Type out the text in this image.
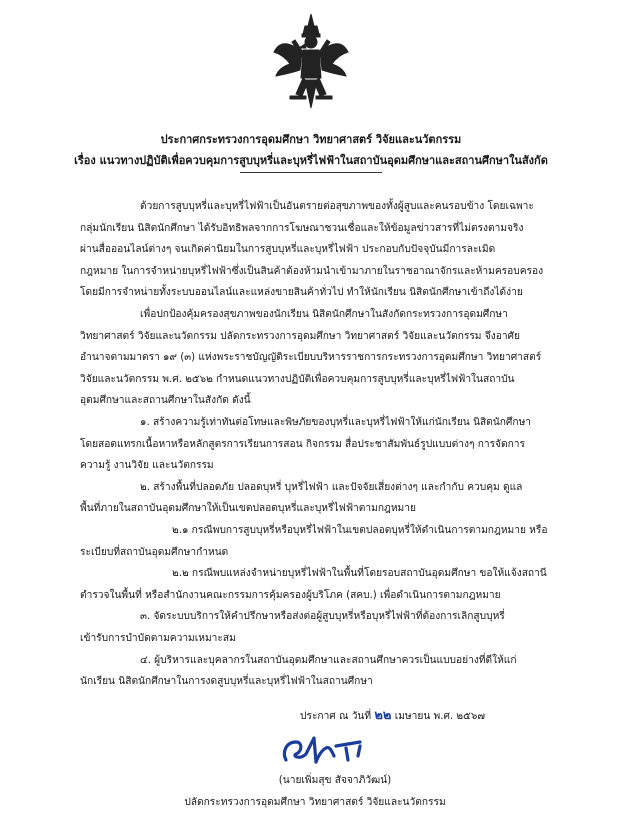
ประกาศกระทรวงการอุดมศึกษา วิทยาศาสตร์ วิจัยและนวัตกรรม
เรื่อง แนวทางปฏิบัติเพื่อควบคุมการสูบบุหรี่และบุหรี่ไฟฟ้าในสถาบันอุดมศึกษาและสถานศึกษาในสังกัด
ด้วยการสูบบุหรี่และบุหรี่ไฟฟ้าเป็นอันตรายต่อสุขภาพของทั้งผู้สูบและคนรอบข้าง โดยเฉพาะ
กลุ่มนักเรียน นิสิตนักศึกษา ได้รับอิทธิพลจากการโฆษณาชวนเชื่อและให้ข้อมูลข่าวสารที่ไม่ตรงตามจริง
ผ่านสื่อออนไลน์ต่างๆ จนเกิดค่านิยมในการสูบบุหรี่และบุหรี่ไฟฟ้า ประกอบกับปัจจุบันมีการละเมิด
กฎหมาย ในการจำหน่ายบุหรี่ไฟฟ้าซึ่งเป็นสินค้าต้องห้ามนำเข้ามาภายในราชอาณาจักรและห้ามครอบครอง
โดยมีการจำหน่ายทั้งระบบออนไลน์และแหล่งขายสินค้าทั่วไป ทำให้นักเรียน นิสิตนักศึกษาเข้าถึงได้ง่าย
เพื่อปกป้องคุ้มครองสุขภาพของนักเรียน นิสิตนักศึกษาในสังกัดกระทรวงการอุดมศึกษา
วิทยาศาสตร์ วิจัยและนวัตกรรม ปลัดกระทรวงการอุดมศึกษา วิทยาศาสตร์ วิจัยและนวัตกรรม จึงอาศัย
อำนาจตามมาตรา ๑๙ (๓) แห่งพระราชบัญญัติระเบียบบริหารราชการกระทรวงการอุดมศึกษา วิทยาศาสตร์
วิจัยและนวัตกรรม พ.ศ. ๒๕๖๒ กำหนดแนวทางปฏิบัติเพื่อควบคุมการสูบบุหรี่และบุหรี่ไฟฟ้าในสถาบัน
อุดมศึกษาและสถานศึกษาในสังกัด ดังนี้
๑. สร้างความรู้เท่าทันต่อโทษและพิษภัยของบุหรี่และบุหรี่ไฟฟ้าให้แก่นักเรียน นิสิตนักศึกษา
โดยสอดแทรกเนื้อหาหรือหลักสูตรการเรียนการสอน กิจกรรม สื่อประชาสัมพันธ์รูปแบบต่างๆ การจัดการ
ความรู้ งานวิจัย และนวัตกรรม
๒. สร้างพื้นที่ปลอดภัย ปลอดบุหรี่ บุหรี่ไฟฟ้า และปัจจัยเสี่ยงต่างๆ และกำกับ ควบคุม ดูแล
พื้นที่ภายในสถาบันอุดมศึกษาให้เป็นเขตปลอดบุหรี่และบุหรี่ไฟฟ้าตามกฎหมาย
๒.๑ กรณีพบการสูบบุหรี่หรือบุหรี่ไฟฟ้าในเขตปลอดบุหรี่ให้ดำเนินการตามกฎหมาย หรือ
ระเบียบที่สถาบันอุดมศึกษากำหนด
๒.๒ กรณีพบแหล่งจำหน่ายบุหรี่ไฟฟ้าในพื้นที่โดยรอบสถาบันอุดมศึกษา ขอให้แจ้งสถานี
ตำรวจในพื้นที่ หรือสำนักงานคณะกรรมการคุ้มครองผู้บริโภค (สคบ.) เพื่อดำเนินการตามกฎหมาย
๓. จัดระบบบริการให้คำปรึกษาหรือส่งต่อผู้สูบบุหรี่หรือบุหรี่ไฟฟ้าที่ต้องการเลิกสูบบุหรี่
เข้ารับการบำบัดตามความเหมาะสม
๔. ผู้บริหารและบุคลากรในสถาบันอุดมศึกษาและสถานศึกษาควรเป็นแบบอย่างที่ดีให้แก่
นักเรียน นิสิตนักศึกษาในการงดสูบบุหรี่และบุหรี่ไฟฟ้าในสถานศึกษา
ประกาศ ณ วันที่ ๒๒ เมษายน พ.ศ. ๒๕๖๗
(นายเพิ่มสุข สัจจาภิวัฒน์)
ปลัดกระทรวงการอุดมศึกษา วิทยาศาสตร์ วิจัยและนวัตกรรม
